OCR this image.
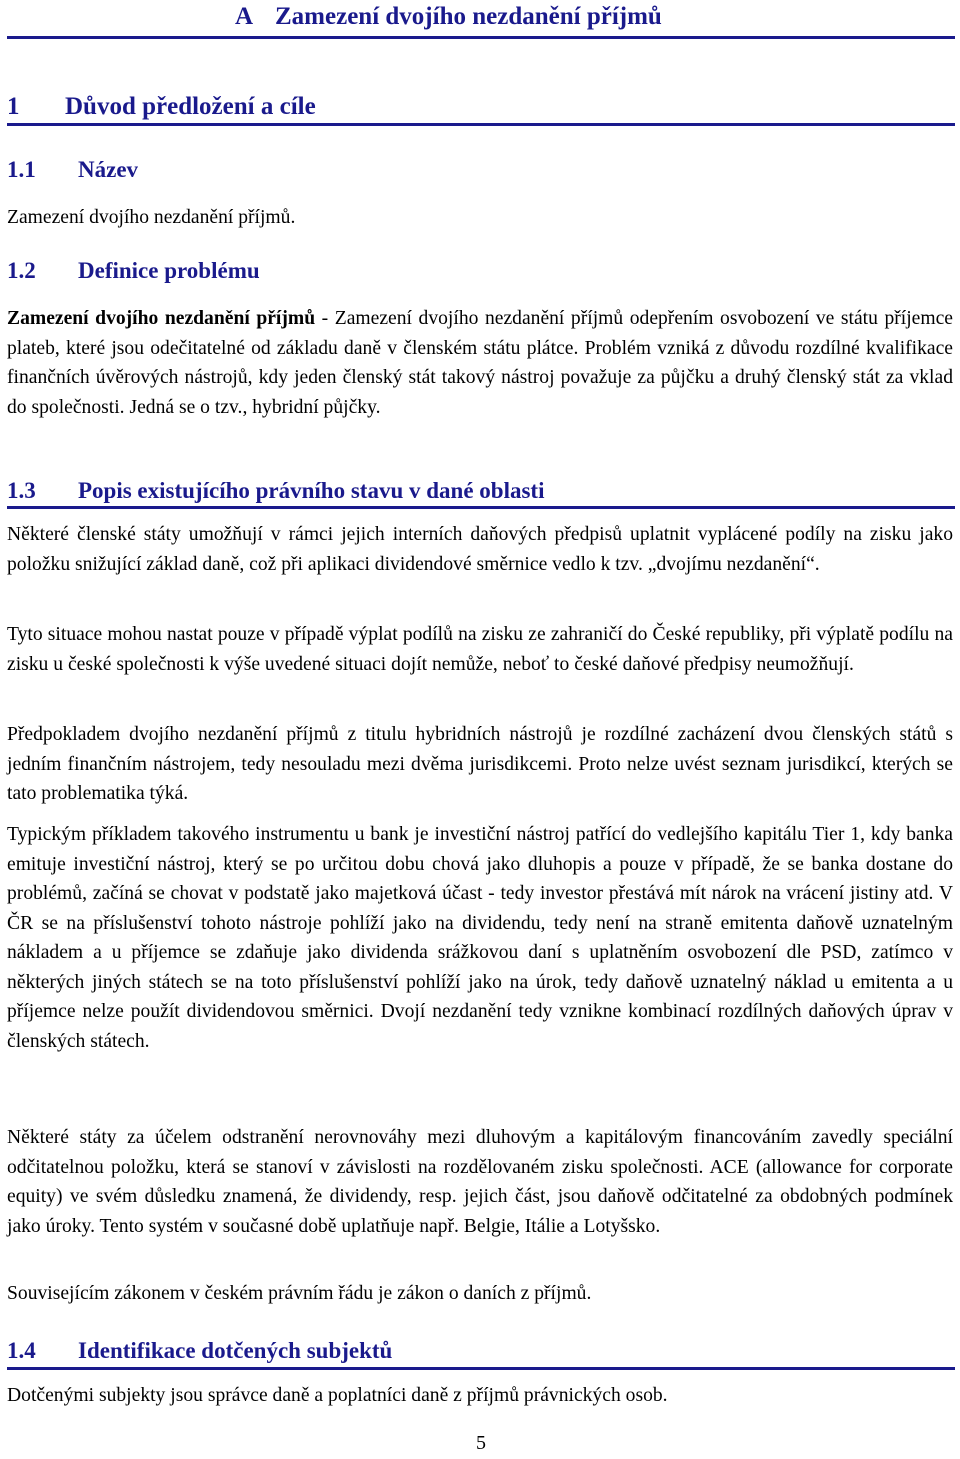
A Zamezení dvojího nezdanění příjmů
1 Důvod předložení a cíle
1.1 Název

Zamezení dvojího nezdanění příjmů.

1.2 Definice problému

Zamezení dvojího nezdanění příjmů - Zamezení dvojího nezdanění příjmů odepřením osvobození ve státu příjemce plateb, které jsou odečitatelné od základu daně v členském státu plátce. Problém vzniká z důvodu rozdílné kvalifikace finančních úvěrových nástrojů, kdy jeden členský stát takový nástroj považuje za půjčku a druhý členský stát za vklad do společnosti. Jedná se o tzv., hybridní půjčky.

1.3 Popis existujícího právního stavu v dané oblasti

Některé členské státy umožňují v rámci jejich interních daňových předpisů uplatnit vyplácené podíly na zisku jako položku snižující základ daně, což při aplikaci dividendové směrnice vedlo k tzv. „dvojímu nezdanění“.

Tyto situace mohou nastat pouze v případě výplat podílů na zisku ze zahraničí do České republiky, při výplatě podílu na zisku u české společnosti k výše uvedené situaci dojít nemůže, neboť to české daňové předpisy neumožňují.

Předpokladem dvojího nezdanění příjmů z titulu hybridních nástrojů je rozdílné zacházení dvou členských států s jedním finančním nástrojem, tedy nesouladu mezi dvěma jurisdikcemi. Proto nelze uvést seznam jurisdikcí, kterých se tato problematika týká.

Typickým příkladem takového instrumentu u bank je investiční nástroj patřící do vedlejšího kapitálu Tier 1, kdy banka emituje investiční nástroj, který se po určitou dobu chová jako dluhopis a pouze v případě, že se banka dostane do problémů, začíná se chovat v podstatě jako majetková účast - tedy investor přestává mít nárok na vrácení jistiny atd. V ČR se na příslušenství tohoto nástroje pohlíží jako na dividendu, tedy není na straně emitenta daňově uznatelným nákladem a u příjemce se zdaňuje jako dividenda srážkovou daní s uplatněním osvobození dle PSD, zatímco v některých jiných státech se na toto příslušenství pohlíží jako na úrok, tedy daňově uznatelný náklad u emitenta a u příjemce nelze použít dividendovou směrnici. Dvojí nezdanění tedy vznikne kombinací rozdílných daňových úprav v členských státech.

Některé státy za účelem odstranění nerovnováhy mezi dluhovým a kapitálovým financováním zavedly speciální odčitatelnou položku, která se stanoví v závislosti na rozdělovaném zisku společnosti. ACE (allowance for corporate equity) ve svém důsledku znamená, že dividendy, resp. jejich část, jsou daňově odčitatelné za obdobných podmínek jako úroky. Tento systém v současné době uplatňuje např. Belgie, Itálie a Lotyšsko.

Souvisejícím zákonem v českém právním řádu je zákon o daních z příjmů.

1.4 Identifikace dotčených subjektů

Dotčenými subjekty jsou správce daně a poplatníci daně z příjmů právnických osob.

5
